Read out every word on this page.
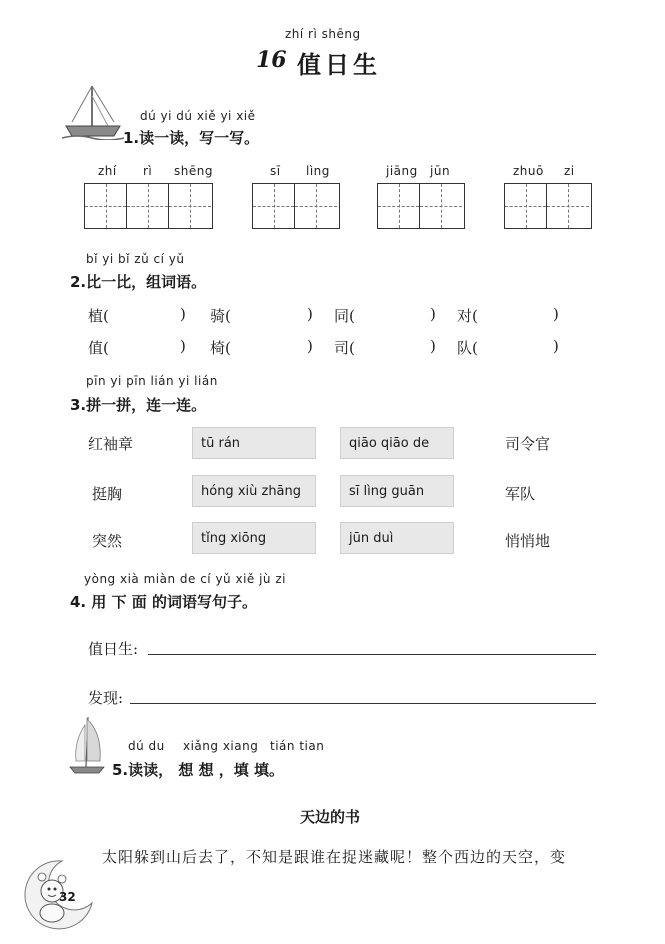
zhí rì shēng
16 值日生
dú yi dú xiě yi xiě
1.读一读，写一写。
zhí rì shēng	sī lìng	jiāng jūn	zhuō zi
bǐ yi bǐ zǔ cí yǔ
2.比一比，组词语。
植(	) 骑(	) 同(	) 对(	)
值(	) 椅(	) 司(	) 队(	)
pīn yi pīn lián yi lián
3.拼一拼，连一连。
红袖章
挺胸
突然
tū rán
hóng xiù zhāng
tǐng xiōng
qiāo qiāo de
sī lìng guān
jūn duì
司令官
军队
悄悄地
yòng xià miàn de cí yǔ xiě jù zi
4. 用 下 面 的词语写句子。
值日生:
发现:
dú du xiǎng xiang tián tian
5.读读， 想 想 ，填 填。
天边的书
太阳躲到山后去了，不知是跟谁在捉迷藏呢！整个西边的天空，变
32
